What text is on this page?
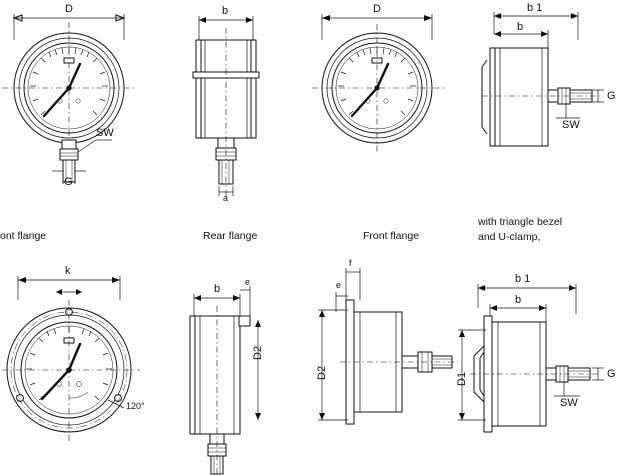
D
SW
G
b
a
D	b 1
b
G
SW
ont flange	Rear flange	Front flange
with triangle bezel
and U-clamp,
k
120°
b
e
D2
f
e
D2
b 1
b
D1	G
SW
